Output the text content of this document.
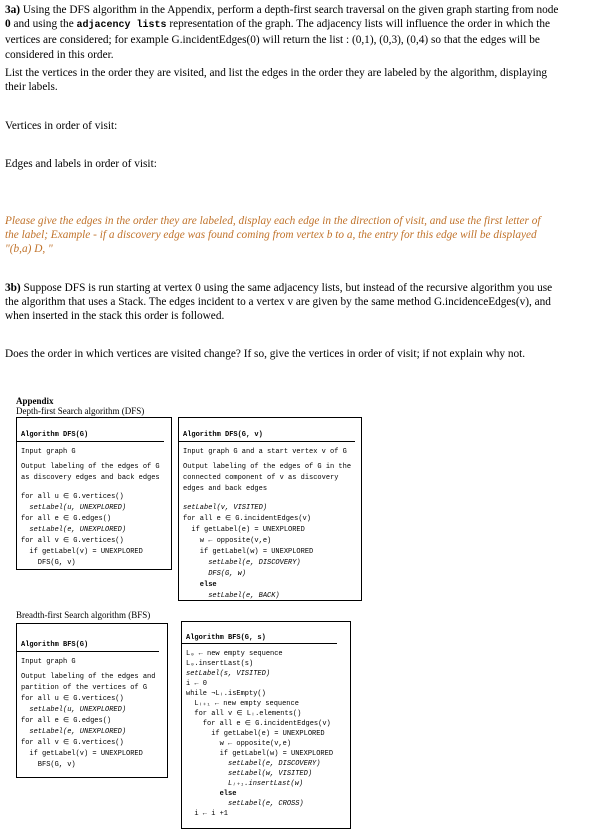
3a) Using the DFS algorithm in the Appendix, perform a depth-first search traversal on the given graph starting from node
0 and using the adjacency lists representation of the graph. The adjacency lists will influence the order in which the
vertices are considered; for example G.incidentEdges(0) will return the list : (0,1), (0,3), (0,4) so that the edges will be
considered in this order.
List the vertices in the order they are visited, and list the edges in the order they are labeled by the algorithm, displaying
their labels.
Vertices in order of visit:
Edges and labels in order of visit:
Please give the edges in the order they are labeled, display each edge in the direction of visit, and use the first letter of
the label; Example - if a discovery edge was found coming from vertex b to a, the entry for this edge will be displayed
"(b,a) D, "
3b) Suppose DFS is run starting at vertex 0 using the same adjacency lists, but instead of the recursive algorithm you use
the algorithm that uses a Stack. The edges incident to a vertex v are given by the same method G.incidenceEdges(v), and
when inserted in the stack this order is followed.
Does the order in which vertices are visited change? If so, give the vertices in order of visit; if not explain why not.
Appendix
Depth-first Search algorithm (DFS)

Algorithm DFS(G)
Input graph G
Output labeling of the edges of G
as discovery edges and back edges
for all u ∈ G.vertices()
setLabel(u, UNEXPLORED)
for all e ∈ G.edges()
setLabel(e, UNEXPLORED)
for all v ∈ G.vertices()
if getLabel(v) = UNEXPLORED
DFS(G, v)

Algorithm DFS(G, v)
Input graph G and a start vertex v of G
Output labeling of the edges of G in the
connected component of v as discovery
edges and back edges
setLabel(v, VISITED)
for all e ∈ G.incidentEdges(v)
if getLabel(e) = UNEXPLORED
w ← opposite(v,e)
if getLabel(w) = UNEXPLORED
setLabel(e, DISCOVERY)
DFS(G, w)
else
setLabel(e, BACK)

Breadth-first Search algorithm (BFS)

Algorithm BFS(G)
Input graph G
Output labeling of the edges and
partition of the vertices of G
for all u ∈ G.vertices()
setLabel(u, UNEXPLORED)
for all e ∈ G.edges()
setLabel(e, UNEXPLORED)
for all v ∈ G.vertices()
if getLabel(v) = UNEXPLORED
BFS(G, v)

Algorithm BFS(G, s)
L₀ ← new empty sequence
L₀.insertLast(s)
setLabel(s, VISITED)
i ← 0
while ¬Lᵢ.isEmpty()
Lᵢ₊₁ ← new empty sequence
for all v ∈ Lᵢ.elements()
for all e ∈ G.incidentEdges(v)
if getLabel(e) = UNEXPLORED
w ← opposite(v,e)
if getLabel(w) = UNEXPLORED
setLabel(e, DISCOVERY)
setLabel(w, VISITED)
Lᵢ₊₁.insertLast(w)
else
setLabel(e, CROSS)
i ← i +1
